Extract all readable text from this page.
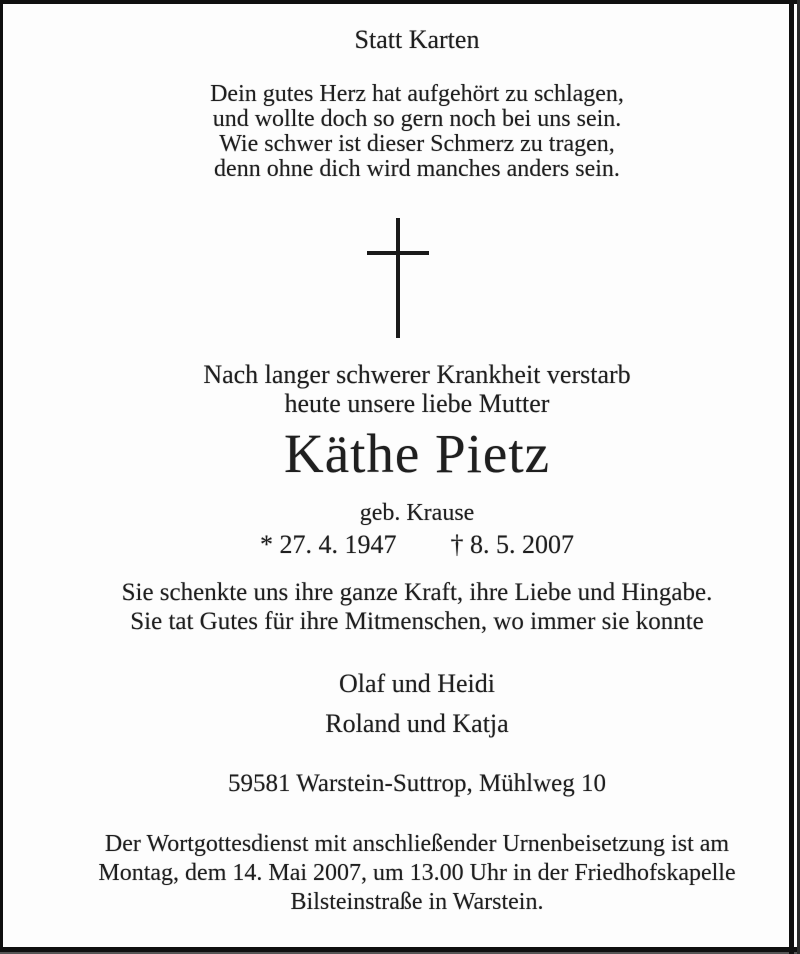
Statt Karten
Dein gutes Herz hat aufgehört zu schlagen,
und wollte doch so gern noch bei uns sein.
Wie schwer ist dieser Schmerz zu tragen,
denn ohne dich wird manches anders sein.
Nach langer schwerer Krankheit verstarb
heute unsere liebe Mutter
Käthe Pietz
geb. Krause
* 27. 4. 1947 † 8. 5. 2007
Sie schenkte uns ihre ganze Kraft, ihre Liebe und Hingabe.
Sie tat Gutes für ihre Mitmenschen, wo immer sie konnte
Olaf und Heidi
Roland und Katja
59581 Warstein-Suttrop, Mühlweg 10
Der Wortgottesdienst mit anschließender Urnenbeisetzung ist am
Montag, dem 14. Mai 2007, um 13.00 Uhr in der Friedhofskapelle
Bilsteinstraße in Warstein.
